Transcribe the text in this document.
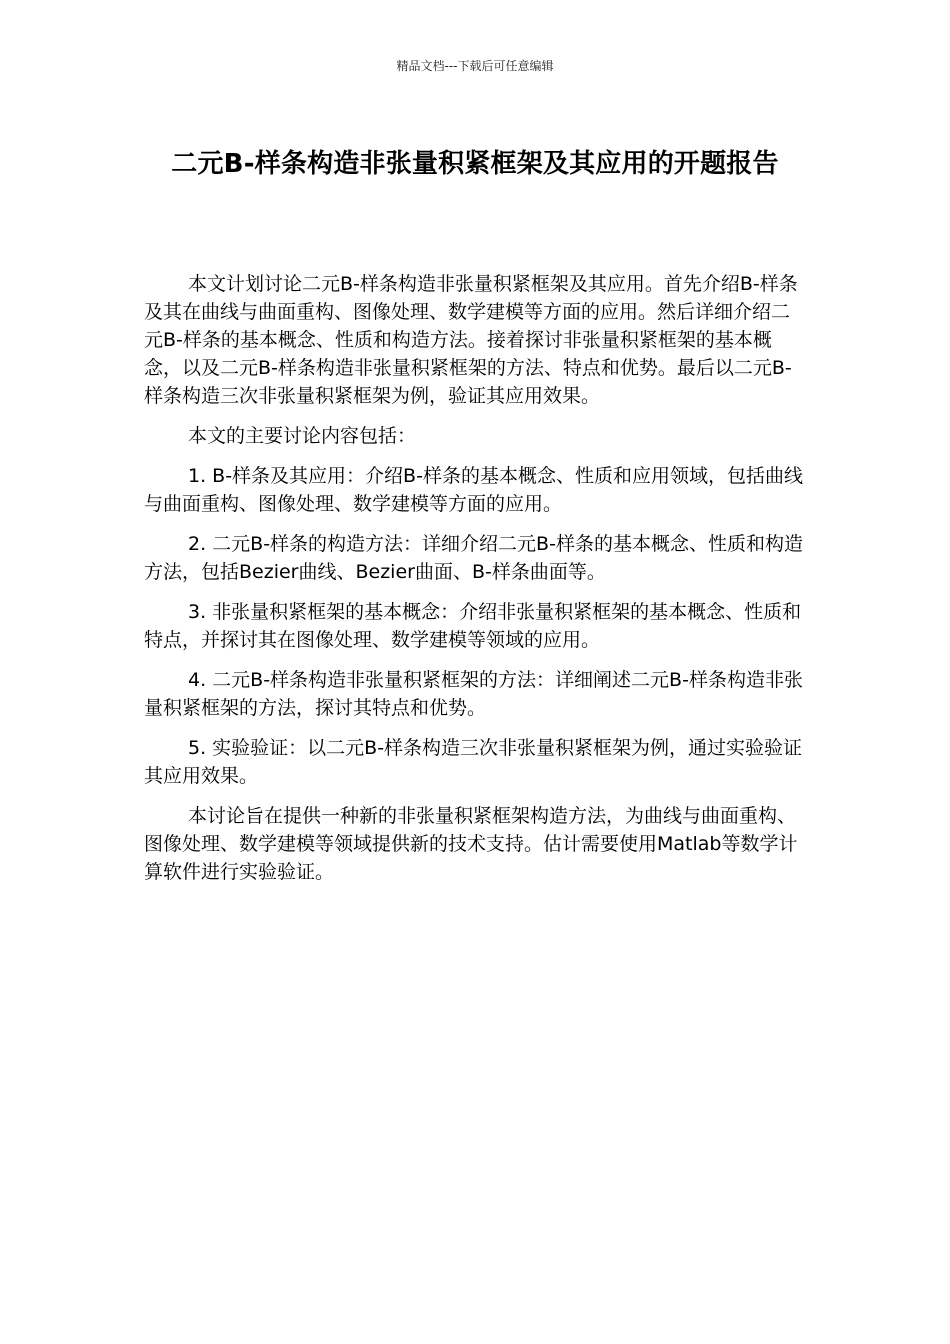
精品文档---下载后可任意编辑
二元B-样条构造非张量积紧框架及其应用的开题报告

本文计划讨论二元B-样条构造非张量积紧框架及其应用。首先介绍B-样条及其在曲线与曲面重构、图像处理、数学建模等方面的应用。然后详细介绍二元B-样条的基本概念、性质和构造方法。接着探讨非张量积紧框架的基本概念，以及二元B-样条构造非张量积紧框架的方法、特点和优势。最后以二元B-样条构造三次非张量积紧框架为例，验证其应用效果。

本文的主要讨论内容包括：

1. B-样条及其应用：介绍B-样条的基本概念、性质和应用领域，包括曲线与曲面重构、图像处理、数学建模等方面的应用。

2. 二元B-样条的构造方法：详细介绍二元B-样条的基本概念、性质和构造方法，包括Bezier曲线、Bezier曲面、B-样条曲面等。

3. 非张量积紧框架的基本概念：介绍非张量积紧框架的基本概念、性质和特点，并探讨其在图像处理、数学建模等领域的应用。

4. 二元B-样条构造非张量积紧框架的方法：详细阐述二元B-样条构造非张量积紧框架的方法，探讨其特点和优势。

5. 实验验证：以二元B-样条构造三次非张量积紧框架为例，通过实验验证其应用效果。

本讨论旨在提供一种新的非张量积紧框架构造方法，为曲线与曲面重构、图像处理、数学建模等领域提供新的技术支持。估计需要使用Matlab等数学计算软件进行实验验证。
